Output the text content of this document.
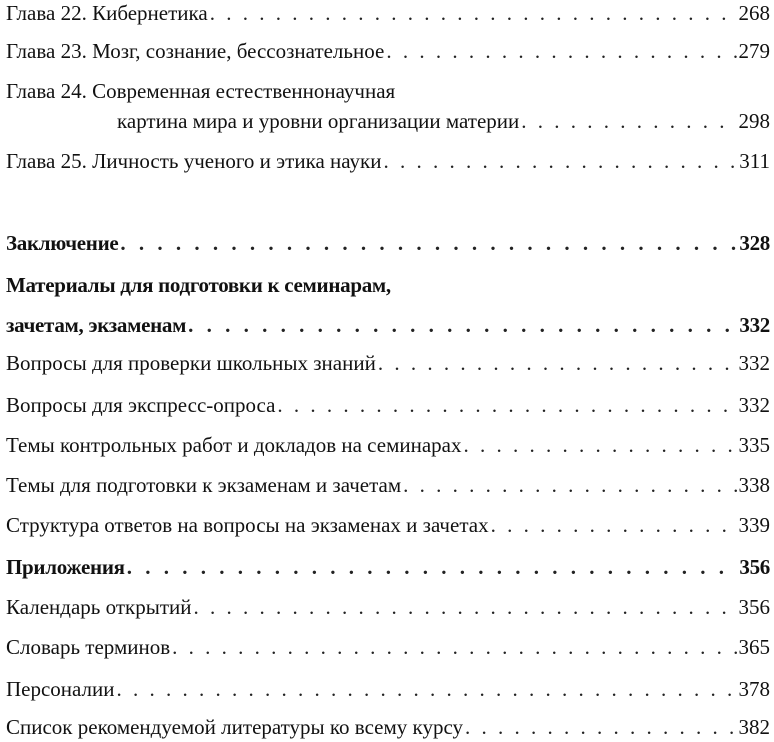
Глава 22. Кибернетика . . .	268
Глава 23. Мозг, сознание, бессознательное . . .	279
Глава 24. Современная естественнонаучная
картина мира и уровни организации материи . . .	298
Глава 25. Личность ученого и этика науки . . .	311
Заключение . . .	328
Материалы для подготовки к семинарам,
зачетам, экзаменам . . .	332
Вопросы для проверки школьных знаний . . .	332
Вопросы для экспресс-опроса . . .	332
Темы контрольных работ и докладов на семинарах . . .	335
Темы для подготовки к экзаменам и зачетам . . .	338
Структура ответов на вопросы на экзаменах и зачетах . . .	339
Приложения . . .	356
Календарь открытий . . .	356
Словарь терминов . . .	365
Персоналии . . .	378
Список рекомендуемой литературы ко всему курсу . . .	382
